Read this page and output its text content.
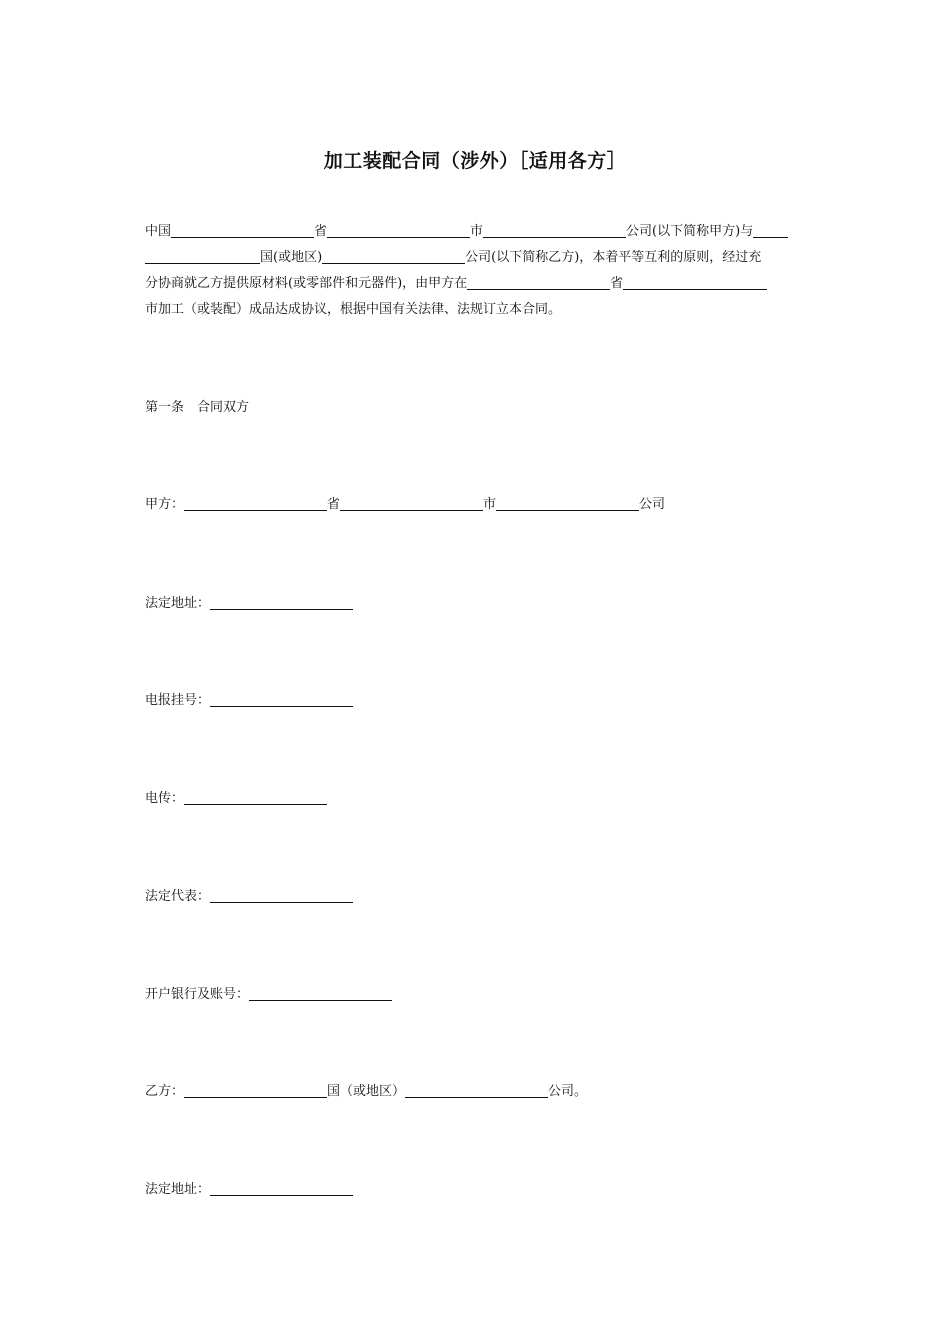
加工装配合同（涉外）［适用各方］
中国	省	市	公司(以下简称甲方)与
国(或地区)	公司(以下简称乙方)，本着平等互利的原则，经过充
分协商就乙方提供原材料(或零部件和元器件)，由甲方在	省
市加工（或装配）成品达成协议，根据中国有关法律、法规订立本合同。
第一条　合同双方
甲方：	省	市	公司
法定地址：
电报挂号：
电传：
法定代表：
开户银行及账号：
乙方：	国（或地区）	公司。
法定地址：
